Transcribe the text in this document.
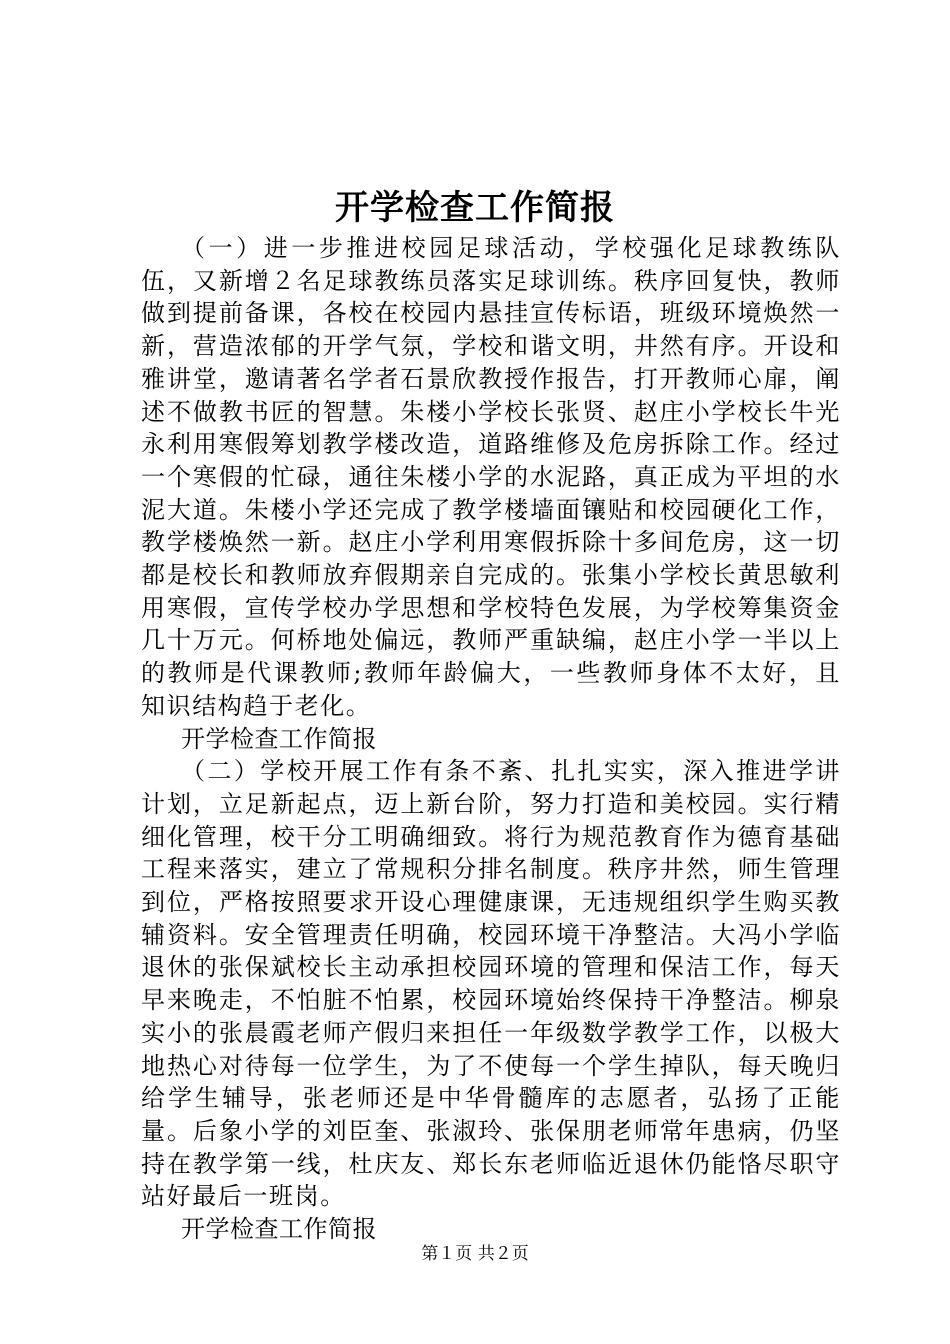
开学检查工作简报

（一）进一步推进校园足球活动，学校强化足球教练队伍，又新增２名足球教练员落实足球训练。秩序回复快，教师做到提前备课，各校在校园内悬挂宣传标语，班级环境焕然一新，营造浓郁的开学气氛，学校和谐文明，井然有序。开设和雅讲堂，邀请著名学者石景欣教授作报告，打开教师心扉，阐述不做教书匠的智慧。朱楼小学校长张贤、赵庄小学校长牛光永利用寒假筹划教学楼改造，道路维修及危房拆除工作。经过一个寒假的忙碌，通往朱楼小学的水泥路，真正成为平坦的水泥大道。朱楼小学还完成了教学楼墙面镶贴和校园硬化工作，教学楼焕然一新。赵庄小学利用寒假拆除十多间危房，这一切都是校长和教师放弃假期亲自完成的。张集小学校长黄思敏利用寒假，宣传学校办学思想和学校特色发展，为学校筹集资金几十万元。何桥地处偏远，教师严重缺编，赵庄小学一半以上的教师是代课教师;教师年龄偏大，一些教师身体不太好，且知识结构趋于老化。

开学检查工作简报

（二）学校开展工作有条不紊、扎扎实实，深入推进学讲计划，立足新起点，迈上新台阶，努力打造和美校园。实行精细化管理，校干分工明确细致。将行为规范教育作为德育基础工程来落实，建立了常规积分排名制度。秩序井然，师生管理到位，严格按照要求开设心理健康课，无违规组织学生购买教辅资料。安全管理责任明确，校园环境干净整洁。大冯小学临退休的张保斌校长主动承担校园环境的管理和保洁工作，每天早来晚走，不怕脏不怕累，校园环境始终保持干净整洁。柳泉实小的张晨霞老师产假归来担任一年级数学教学工作，以极大地热心对待每一位学生，为了不使每一个学生掉队，每天晚归给学生辅导，张老师还是中华骨髓库的志愿者，弘扬了正能量。后象小学的刘臣奎、张淑玲、张保朋老师常年患病，仍坚持在教学第一线，杜庆友、郑长东老师临近退休仍能恪尽职守站好最后一班岗。

开学检查工作简报

第１页 共２页
